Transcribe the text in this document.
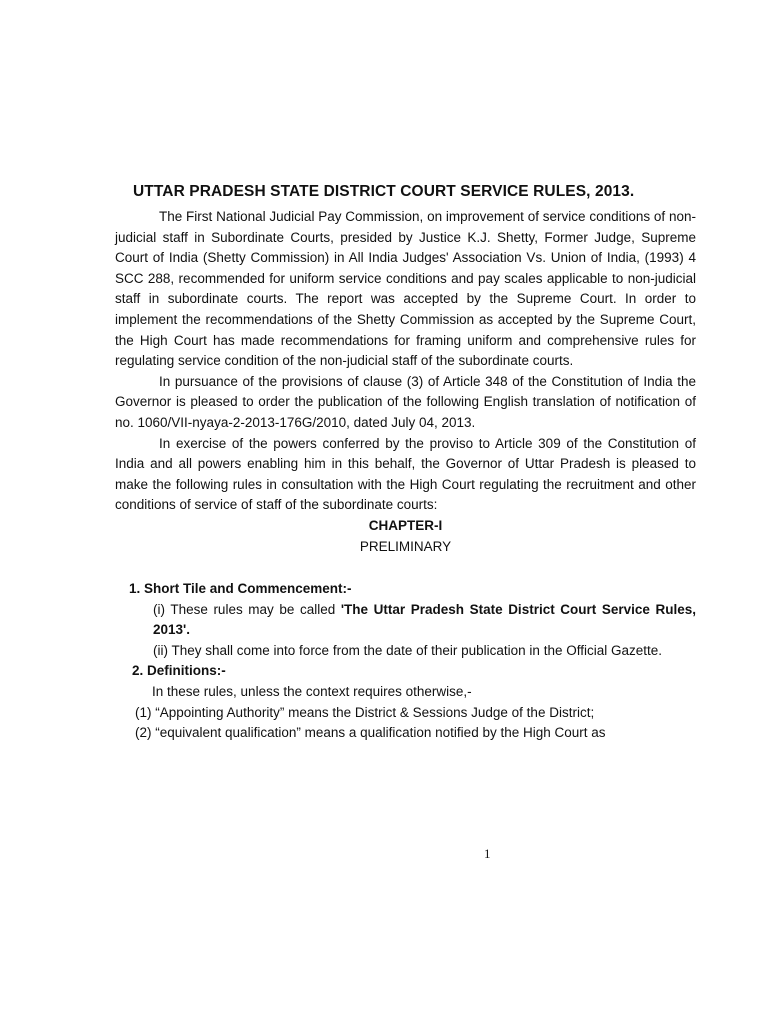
UTTAR PRADESH STATE DISTRICT COURT SERVICE RULES, 2013.

The First National Judicial Pay Commission, on improvement of service conditions of non-judicial staff in Subordinate Courts, presided by Justice K.J. Shetty, Former Judge, Supreme Court of India (Shetty Commission) in All India Judges' Association Vs. Union of India, (1993) 4 SCC 288, recommended for uniform service conditions and pay scales applicable to non-judicial staff in subordinate courts. The report was accepted by the Supreme Court. In order to implement the recommendations of the Shetty Commission as accepted by the Supreme Court, the High Court has made recommendations for framing uniform and comprehensive rules for regulating service condition of the non-judicial staff of the subordinate courts.

In pursuance of the provisions of clause (3) of Article 348 of the Constitution of India the Governor is pleased to order the publication of the following English translation of notification of no. 1060/VII-nyaya-2-2013-176G/2010, dated July 04, 2013.

In exercise of the powers conferred by the proviso to Article 309 of the Constitution of India and all powers enabling him in this behalf, the Governor of Uttar Pradesh is pleased to make the following rules in consultation with the High Court regulating the recruitment and other conditions of service of staff of the subordinate courts:

CHAPTER-I

PRELIMINARY

1. Short Tile and Commencement:-

(i) These rules may be called 'The Uttar Pradesh State District Court Service Rules, 2013'.

(ii) They shall come into force from the date of their publication in the Official Gazette.

2. Definitions:-

In these rules, unless the context requires otherwise,-

(1) “Appointing Authority” means the District & Sessions Judge of the District;

(2) “equivalent qualification” means a qualification notified by the High Court as

1
